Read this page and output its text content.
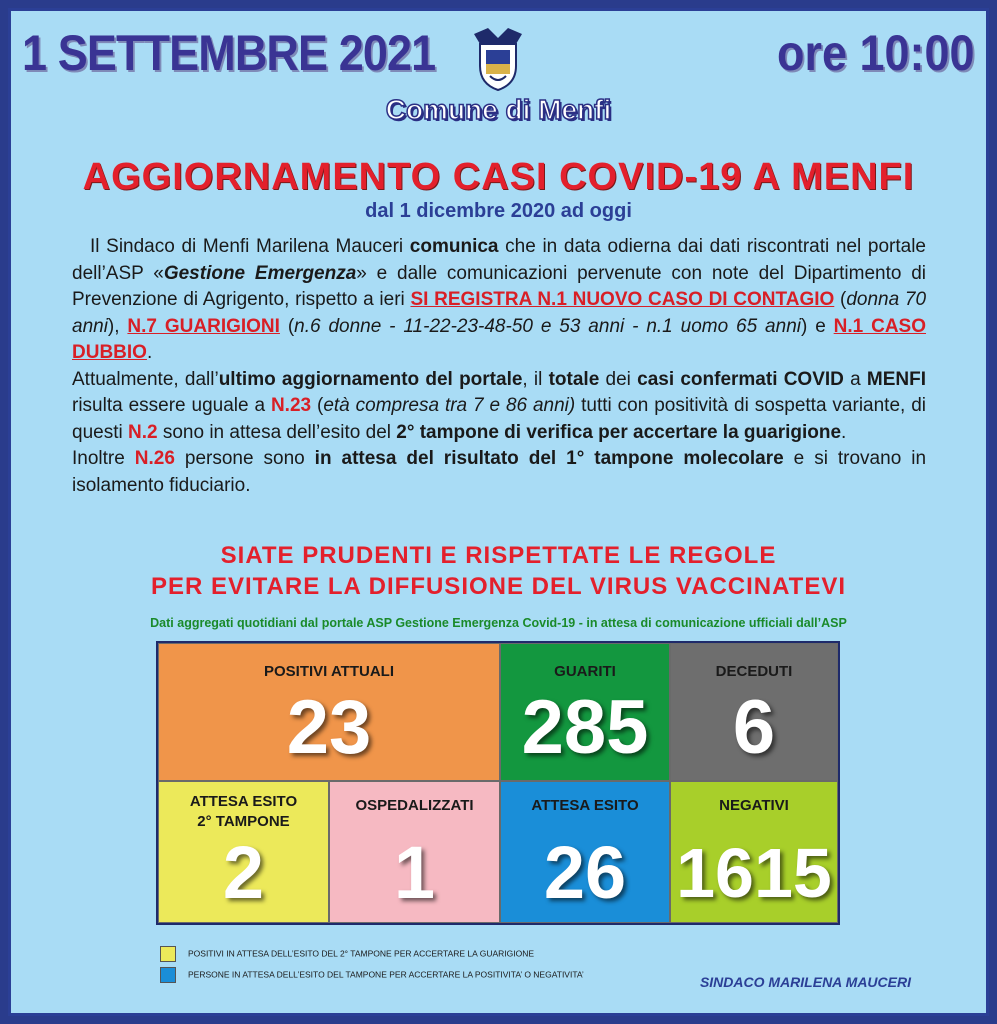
1 SETTEMBRE 2021	ore 10:00
Comune di Menfi
AGGIORNAMENTO CASI COVID-19 A MENFI
dal 1 dicembre 2020 ad oggi

Il Sindaco di Menfi Marilena Mauceri comunica che in data odierna dai dati riscontrati nel portale dell’ASP «Gestione Emergenza» e dalle comunicazioni pervenute con note del Dipartimento di Prevenzione di Agrigento, rispetto a ieri SI REGISTRA N.1 NUOVO CASO DI CONTAGIO (donna 70 anni), N.7 GUARIGIONI (n.6 donne - 11-22-23-48-50 e 53 anni - n.1 uomo 65 anni) e N.1 CASO DUBBIO.

Attualmente, dall’ultimo aggiornamento del portale, il totale dei casi confermati COVID a MENFI risulta essere uguale a N.23 (età compresa tra 7 e 86 anni) tutti con positività di sospetta variante, di questi N.2 sono in attesa dell’esito del 2° tampone di verifica per accertare la guarigione.

Inoltre N.26 persone sono in attesa del risultato del 1° tampone molecolare e si trovano in isolamento fiduciario.

SIATE PRUDENTI E RISPETTATE LE REGOLE
PER EVITARE LA DIFFUSIONE DEL VIRUS VACCINATEVI
Dati aggregati quotidiani dal portale ASP Gestione Emergenza Covid-19 - in attesa di comunicazione ufficiali dall’ASP
POSITIVI ATTUALI
23
GUARITI
285
DECEDUTI
6
ATTESA ESITO
2° TAMPONE
2
OSPEDALIZZATI
1
ATTESA ESITO
26
NEGATIVI
1615
POSITIVI IN ATTESA DELL’ESITO DEL 2° TAMPONE PER ACCERTARE LA GUARIGIONE
PERSONE IN ATTESA DELL’ESITO DEL TAMPONE PER ACCERTARE LA POSITIVITA’ O NEGATIVITA’	SINDACO MARILENA MAUCERI
